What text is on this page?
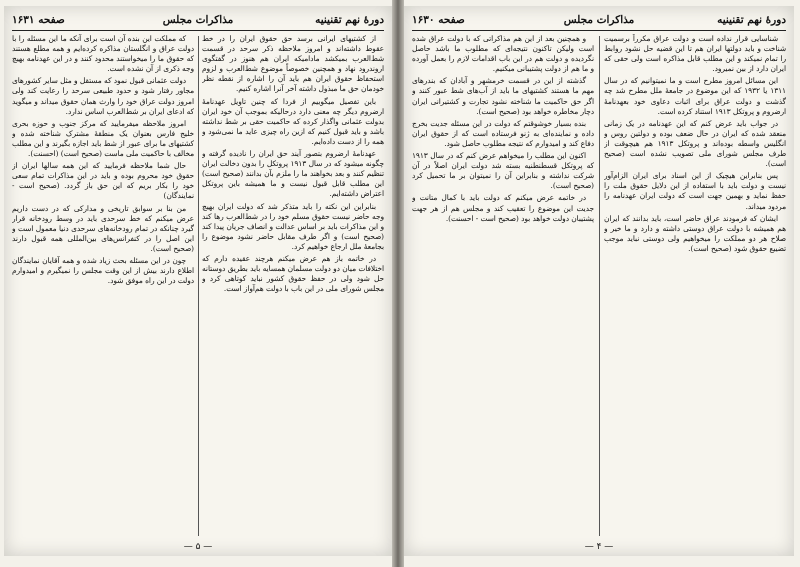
دورهٔ نهم تقنینیه
مذاکرات مجلس
صفحه ۱۶۳۱

از کشتیهای ایرانی برسد حق حقوق ایران را در خط عقوط داشته‌اند و امروز ملاحظه ذکر سرحد در قسمت شط‌العرب بمیکشد مادامیکه ایران هم هنوز در گفتگوی اروندرود نهاد و همچنین خصوصاً موضوع شط‌العرب و لزوم استحفاظ حقوق ایران هم باید آن را اشاره از نقطه نظر خودمان حق ما مبذول داشته آخر آنرا اشاره کنیم.

باین تفصیل میگوییم از فردا که چنین تاویل عهدنامهٔ ارضروم دیگر چه معنی دارد درحالیکه بموجب آن خود ایران بدولت عثمانی واگذار کرده که حاکمیت حقی بر شط نداشته باشد و باید قبول کنیم که ازین راه چیزی عاید ما نمی‌شود و همه را از دست داده‌ایم.

عهدنامهٔ ارضروم بتصور آیند حق ایران را نادیده گرفته و چگونه میشود که در سال ۱۹۱۳ پروتکل را بدون دخالت ایران تنظیم کنند و بعد بخواهند ما را ملزم بآن بدانند (صحیح است) این مطلب قابل قبول نیست و ما همیشه باین پروتکل اعتراض داشته‌ایم.

بنابراین این نکته را باید متذکر شد که دولت ایران بهیچ وجه حاضر نیست حقوق مسلم خود را در شط‌العرب رها کند و این مذاکرات باید بر اساس عدالت و انصاف جریان پیدا کند (صحیح است) و اگر طرف مقابل حاضر نشود موضوع را بجامعهٔ ملل ارجاع خواهیم کرد.

در خاتمه باز هم عرض میکنم هرچند عقیده دارم که اختلافات میان دو دولت مسلمان همسایه باید بطریق دوستانه حل شود ولی در حفظ حقوق کشور نباید کوتاهی کرد و مجلس شورای ملی در این باب با دولت هم‌آواز است.

که مملکت این بنده آن است برای آنکه ما این مسئله را با دولت عراق و انگلستان مذاکره کرده‌ایم و همه مطلع هستند که حقوق ما را میخواستند محدود کنند و در این عهدنامه بهیچ وجه ذکری از آن نشده است.

دولت عثمانی قبول نمود که مستقل و مثل سایر کشورهای مجاور رفتار شود و حدود طبیعی سرحد را رعایت کند ولی امروز دولت عراق خود را وارث همان حقوق میداند و میگوید که ادعای ایران بر شط‌العرب اساس ندارد.

امروز ملاحظه میفرمایید که مرکز جنوب و حوزه بحری خلیج فارس بعنوان یک منطقهٔ مشترک شناخته شده و کشتیهای ما برای عبور از شط باید اجازه بگیرند و این مطلب مخالف با حاکمیت ملی ماست (صحیح است) (احسنت).

حال شما ملاحظه فرمایید که این همه سالها ایران از حقوق خود محروم بوده و باید در این مذاکرات تمام سعی خود را بکار بریم که این حق باز گردد. (صحیح است - نمایندگان)

من بنا بر سوابق تاریخی و مدارکی که در دست داریم عرض میکنم که خط سرحدی باید در وسط رودخانه قرار گیرد چنانکه در تمام رودخانه‌های سرحدی دنیا معمول است و این اصل را در کنفرانس‌های بین‌المللی همه قبول دارند (صحیح است).

چون در این مسئله بحث زیاد شده و همه آقایان نمایندگان اطلاع دارند بیش از این وقت مجلس را نمیگیرم و امیدوارم دولت در این راه موفق شود.

— ۵ —
دورهٔ نهم تقنینیه
مذاکرات مجلس
صفحه ۱۶۳۰

شناسایی قرار نداده است و دولت عراق مکرراً برسمیت شناخت و باید دولتها ایران هم تا این قضیه حل نشود روابط را تمام نمیکند و این مطلب قابل مذاکره است ولی حقی که ایران دارد از بین نمیرود.

این مسائل امروز مطرح است و ما نمیتوانیم که در سال ۱۳۱۱ یا ۱۹۳۲ که این موضوع در جامعهٔ ملل مطرح شد چه گذشت و دولت عراق برای اثبات دعاوی خود بعهدنامهٔ ارضروم و پروتکل ۱۹۱۳ استناد کرده است.

در جواب باید عرض کنم که این عهدنامه در یک زمانی منعقد شده که ایران در حال ضعف بوده و دولتین روس و انگلیس واسطه بوده‌اند و پروتکل ۱۹۱۳ هم هیچوقت از طرف مجلس شورای ملی تصویب نشده است (صحیح است).

پس بنابراین هیچیک از این اسناد برای ایران الزام‌آور نیست و دولت باید با استفاده از این دلایل حقوق ملت را حفظ نماید و بهمین جهت است که دولت ایران عهدنامه را مردود میداند.

ایشان که فرمودند عراق حاضر است، باید بدانند که ایران هم همیشه با دولت عراق دوستی داشته و دارد و ما خیر و صلاح هر دو مملکت را میخواهیم ولی دوستی نباید موجب تضییع حقوق شود (صحیح است).

و همچنین بعد از این هم مذاکراتی که با دولت عراق شده است ولیکن تاکنون نتیجه‌ای که مطلوب ما باشد حاصل نگردیده و دولت هم در این باب اقدامات لازم را بعمل آورده و ما هم از دولت پشتیبانی میکنیم.

گذشته از این در قسمت خرمشهر و آبادان که بندرهای مهم ما هستند کشتیهای ما باید از آب‌های شط عبور کنند و اگر حق حاکمیت ما شناخته نشود تجارت و کشتیرانی ایران دچار مخاطره خواهد بود (صحیح است).

بنده بسیار خوشوقتم که دولت در این مسئله جدیت بخرج داده و نماینده‌ای به ژنو فرستاده است که از حقوق ایران دفاع کند و امیدوارم که نتیجه مطلوب حاصل شود.

اکنون این مطلب را میخواهم عرض کنم که در سال ۱۹۱۳ که پروتکل قسطنطنیه بسته شد دولت ایران اصلاً در آن شرکت نداشته و بنابراین آن را نمیتوان بر ما تحمیل کرد (صحیح است).

در خاتمه عرض میکنم که دولت باید با کمال متانت و جدیت این موضوع را تعقیب کند و مجلس هم از هر جهت پشتیبان دولت خواهد بود (صحیح است - احسنت).

— ۴ —
